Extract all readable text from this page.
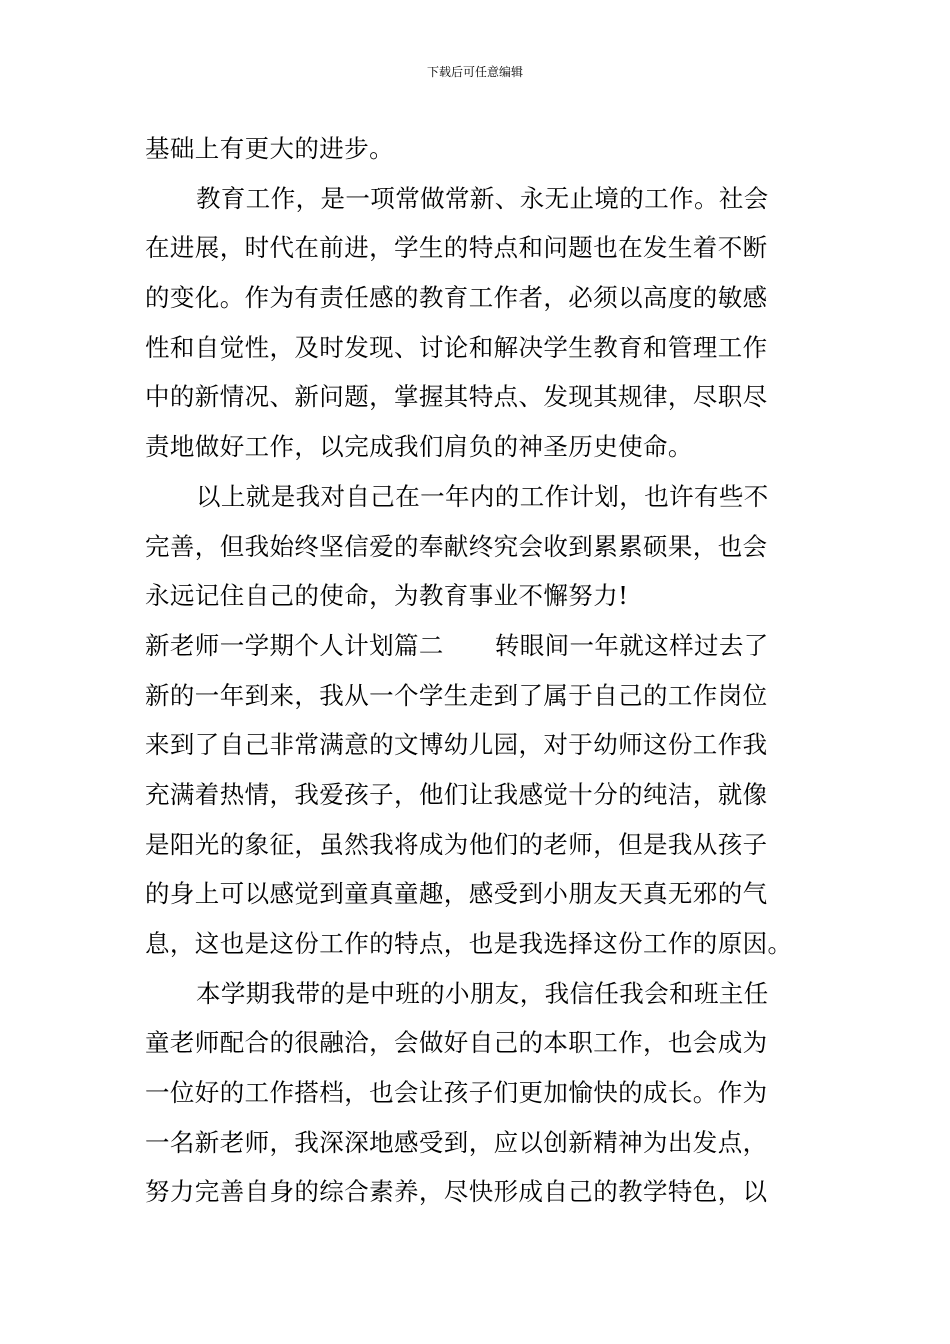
下载后可任意编辑
基础上有更大的进步。
教育工作，是一项常做常新、永无止境的工作。社会
在进展，时代在前进，学生的特点和问题也在发生着不断
的变化。作为有责任感的教育工作者，必须以高度的敏感
性和自觉性，及时发现、讨论和解决学生教育和管理工作
中的新情况、新问题，掌握其特点、发现其规律，尽职尽
责地做好工作，以完成我们肩负的神圣历史使命。
以上就是我对自己在一年内的工作计划，也许有些不
完善，但我始终坚信爱的奉献终究会收到累累硕果，也会
永远记住自己的使命，为教育事业不懈努力!
新老师一学期个人计划篇二 转眼间一年就这样过去了
新的一年到来，我从一个学生走到了属于自己的工作岗位
来到了自己非常满意的文博幼儿园，对于幼师这份工作我
充满着热情，我爱孩子，他们让我感觉十分的纯洁，就像
是阳光的象征，虽然我将成为他们的老师，但是我从孩子
的身上可以感觉到童真童趣，感受到小朋友天真无邪的气
息，这也是这份工作的特点，也是我选择这份工作的原因。
本学期我带的是中班的小朋友，我信任我会和班主任
童老师配合的很融洽，会做好自己的本职工作，也会成为
一位好的工作搭档，也会让孩子们更加愉快的成长。作为
一名新老师，我深深地感受到，应以创新精神为出发点，
努力完善自身的综合素养，尽快形成自己的教学特色，以
